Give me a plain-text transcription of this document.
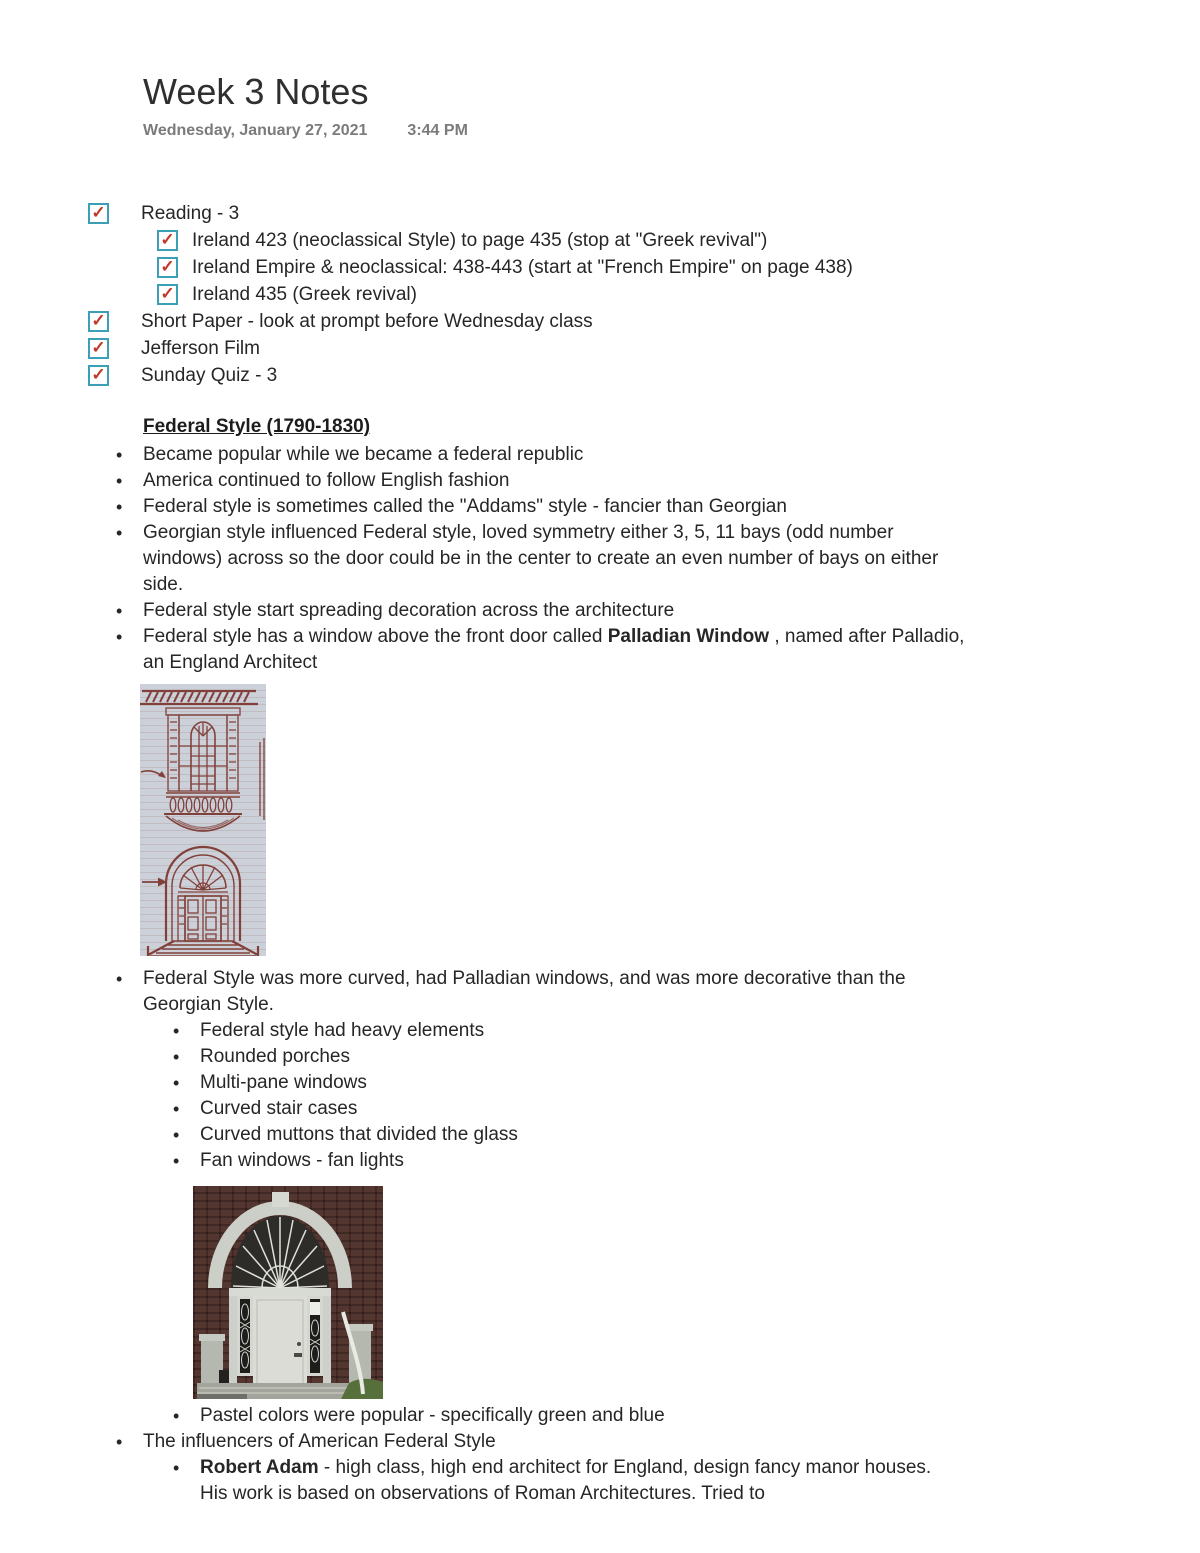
Week 3 Notes
Wednesday, January 27, 2021	3:44 PM
✓ Reading - 3
✓ Ireland 423 (neoclassical Style) to page 435 (stop at "Greek revival")
✓ Ireland Empire & neoclassical: 438-443 (start at "French Empire" on page 438)
✓ Ireland 435 (Greek revival)
✓ Short Paper - look at prompt before Wednesday class
✓ Jefferson Film
✓ Sunday Quiz - 3
Federal Style (1790-1830)
•	Became popular while we became a federal republic
•	America continued to follow English fashion
•	Federal style is sometimes called the "Addams" style - fancier than Georgian
•	Georgian style influenced Federal style, loved symmetry either 3, 5, 11 bays (odd number windows) across so the door could be in the center to create an even number of bays on either side.
•	Federal style start spreading decoration across the architecture
•	Federal style has a window above the front door called Palladian Window , named after Palladio, an England Architect
•	Federal Style was more curved, had Palladian windows, and was more decorative than the Georgian Style.
•	Federal style had heavy elements
•	Rounded porches
•	Multi-pane windows
•	Curved stair cases
•	Curved muttons that divided the glass
•	Fan windows - fan lights
•	Pastel colors were popular - specifically green and blue
•	The influencers of American Federal Style
•	Robert Adam - high class, high end architect for England, design fancy manor houses. His work is based on observations of Roman Architectures. Tried to
